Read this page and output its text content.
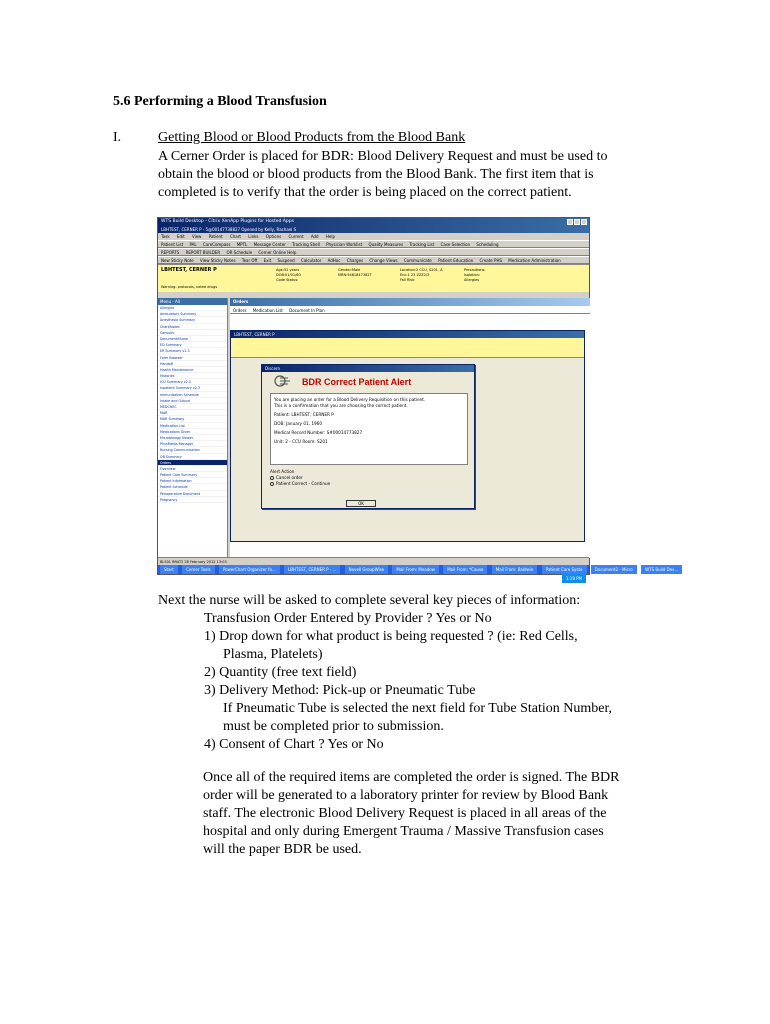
5.6 Performing a Blood Transfusion
I.	Getting Blood or Blood Products from the Blood Bank
A Cerner Order is placed for BDR: Blood Delivery Request and must be used to
obtain the blood or blood products from the Blood Bank. The first item that is
completed is to verify that the order is being placed on the correct patient.
WTS Build Desktop - Citrix XenApp Plugins for Hosted Apps
LBHTEST, CERNER P - 5@00147738827 Opened by Kelly, Rachael S
Task Edit View Patient Chart Links Options Current Add Help
Patient List PAL CareCompass MPTL Message Center Tracking Shell Physician Worklist Quality Measures Tracking List Case Selection Scheduling
REPORTS REPORT BUILDER OR Schedule Cerner Online Help
New Sticky Note View Sticky Notes Tear Off Exit Suspend Calculator AdHoc Charges Change Views Communicate Patient Education Create PHS Medication Administration
LBHTEST, CERNER P	Age:52 years
DOB:01/01/60
Code Status:
Gender:Male
MRN:9461847382T
Location:2 CCU, S201, A
Enc:1 23 ZZZ2/3
Fall Risk:
Precautions:
Isolation:
Allergies
Warning: protocols, noted drugs
Menu - All
Allergies
Ambulatory Summary
Anesthesia Summary
Chart/Notes
Consults
Document/Nurse
ED Summary
ER Summary v2.3
Form Browser
Handoff
Health Maintenance
Histories
ICU Summary v2.3
Inpatient Summary v2.3
Immunization Schedule
Intake and Output
MEDCHEC
MAR
MAR Summary
Medication List
Medications Given
Microbiology Viewer
PhysMedia Manager
Nursing Communication
QB Summary
Orders
Overview
Patient Care Summary
Patient Information
Patient Schedule
Perioperative Document
Pregnancy
Orders
Orders Medication List Document In Plan
LBHTEST, CERNER P
Discern
BDR Correct Patient Alert
You are placing an order for a Blood Delivery Requisition on this patient.
This is a confirmation that you are choosing the correct patient.
Patient: LBHTEST, CERNER P
DOB: January 01, 1960
Medical Record Number: S#00014773827
Unit: 2 - CCU Room: S201
Alert Action
Cancel order
Patient Correct - Continue
OK
BLS01 BRAT2 28 February 2012 13:03
Start	Cerner Tools	PowerChart Organizer fo...	LBHTEST, CERNER P - ...	Novell GroupWise	Mail From: Meadow	Mail From: *Cause	Mail From: Baldwin	Patient Care Syste	Document2 - Micro	WTS Build Des...
1:18 PM
Next the nurse will be asked to complete several key pieces of information:
Transfusion Order Entered by Provider ? Yes or No
1) Drop down for what product is being requested ? (ie: Red Cells,
Plasma, Platelets)
2) Quantity (free text field)
3) Delivery Method: Pick-up or Pneumatic Tube
If Pneumatic Tube is selected the next field for Tube Station Number,
must be completed prior to submission.
4) Consent of Chart ? Yes or No
Once all of the required items are completed the order is signed. The BDR
order will be generated to a laboratory printer for review by Blood Bank
staff. The electronic Blood Delivery Request is placed in all areas of the
hospital and only during Emergent Trauma / Massive Transfusion cases
will the paper BDR be used.
